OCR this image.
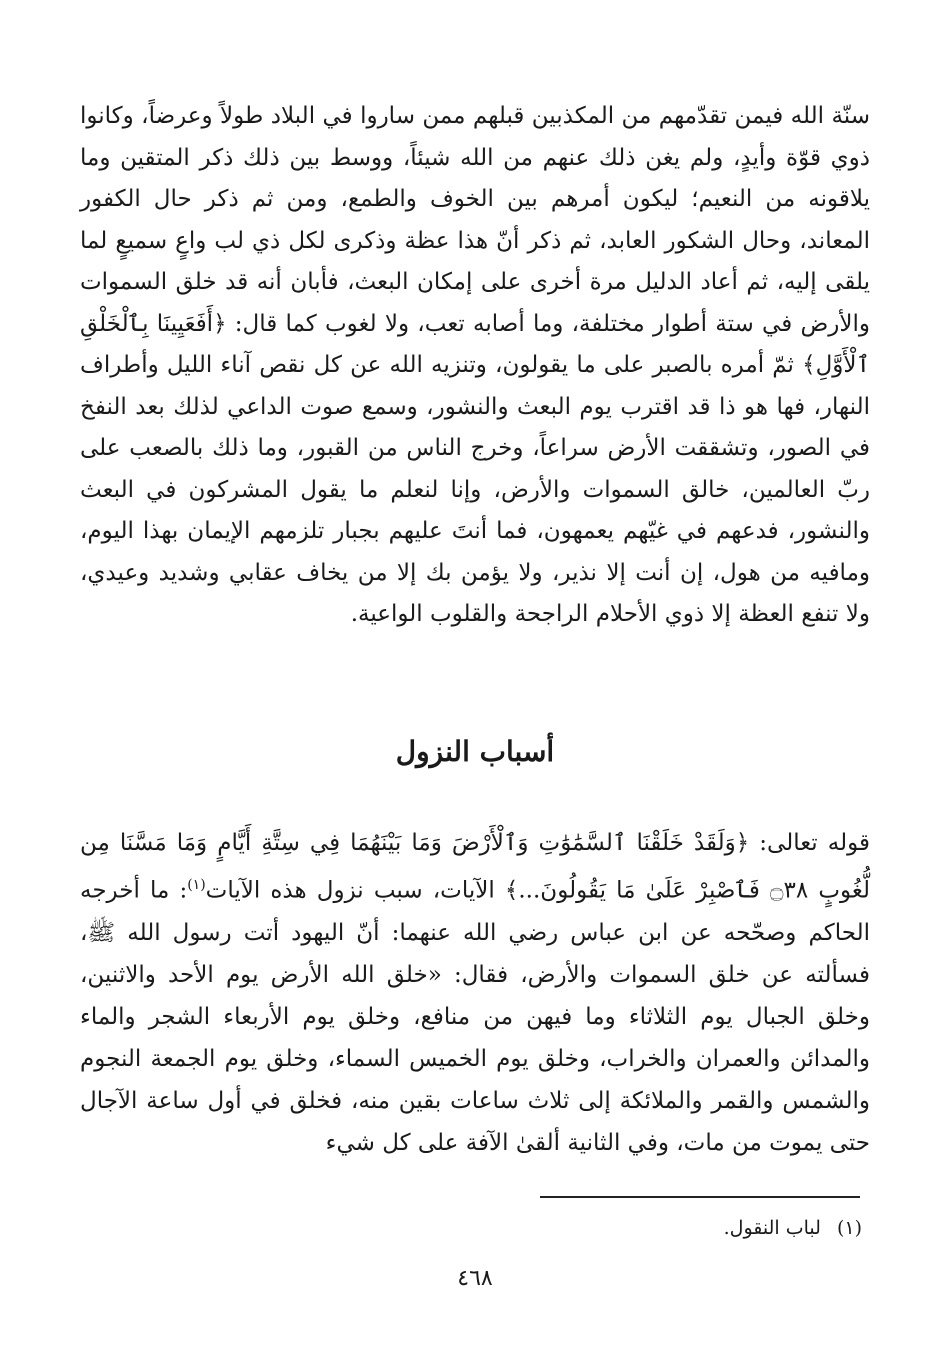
سنّة الله فيمن تقدّمهم من المكذبين قبلهم ممن ساروا في البلاد طولاً وعرضاً، وكانوا ذوي قوّة وأيدٍ، ولم يغن ذلك عنهم من الله شيئاً، ووسط بين ذلك ذكر المتقين وما يلاقونه من النعيم؛ ليكون أمرهم بين الخوف والطمع، ومن ثم ذكر حال الكفور المعاند، وحال الشكور العابد، ثم ذكر أنّ هذا عظة وذكرى لكل ذي لب واعٍ سميعٍ لما يلقى إليه، ثم أعاد الدليل مرة أخرى على إمكان البعث، فأبان أنه قد خلق السموات والأرض في ستة أطوار مختلفة، وما أصابه تعب، ولا لغوب كما قال: ﴿أَفَعَيِينَا بِٱلْخَلْقِ ٱلْأَوَّلِ﴾ ثمّ أمره بالصبر على ما يقولون، وتنزيه الله عن كل نقص آناء الليل وأطراف النهار، فها هو ذا قد اقترب يوم البعث والنشور، وسمع صوت الداعي لذلك بعد النفخ في الصور، وتشققت الأرض سراعاً، وخرج الناس من القبور، وما ذلك بالصعب على ربّ العالمين، خالق السموات والأرض، وإنا لنعلم ما يقول المشركون في البعث والنشور، فدعهم في غيّهم يعمهون، فما أنتَ عليهم بجبار تلزمهم الإيمان بهذا اليوم، ومافيه من هول، إن أنت إلا نذير، ولا يؤمن بك إلا من يخاف عقابي وشديد وعيدي، ولا تنفع العظة إلا ذوي الأحلام الراجحة والقلوب الواعية.

أسباب النزول

قوله تعالى: ﴿وَلَقَدْ خَلَقْنَا ٱلسَّمَٰوَٰتِ وَٱلْأَرْضَ وَمَا بَيْنَهُمَا فِي سِتَّةِ أَيَّامٍ وَمَا مَسَّنَا مِن لُّغُوبٍ ۝٣٨ فَٱصْبِرْ عَلَىٰ مَا يَقُولُونَ...﴾ الآيات، سبب نزول هذه الآيات$^{(١)}$: ما أخرجه الحاكم وصحّحه عن ابن عباس رضي الله عنهما: أنّ اليهود أتت رسول الله ﷺ، فسألته عن خلق السموات والأرض، فقال: «خلق الله الأرض يوم الأحد والاثنين، وخلق الجبال يوم الثلاثاء وما فيهن من منافع، وخلق يوم الأربعاء الشجر والماء والمدائن والعمران والخراب، وخلق يوم الخميس السماء، وخلق يوم الجمعة النجوم والشمس والقمر والملائكة إلى ثلاث ساعات بقين منه، فخلق في أول ساعة الآجال حتى يموت من مات، وفي الثانية ألقىٰ الآفة على كل شيء

(١)لباب النقول.

٤٦٨
